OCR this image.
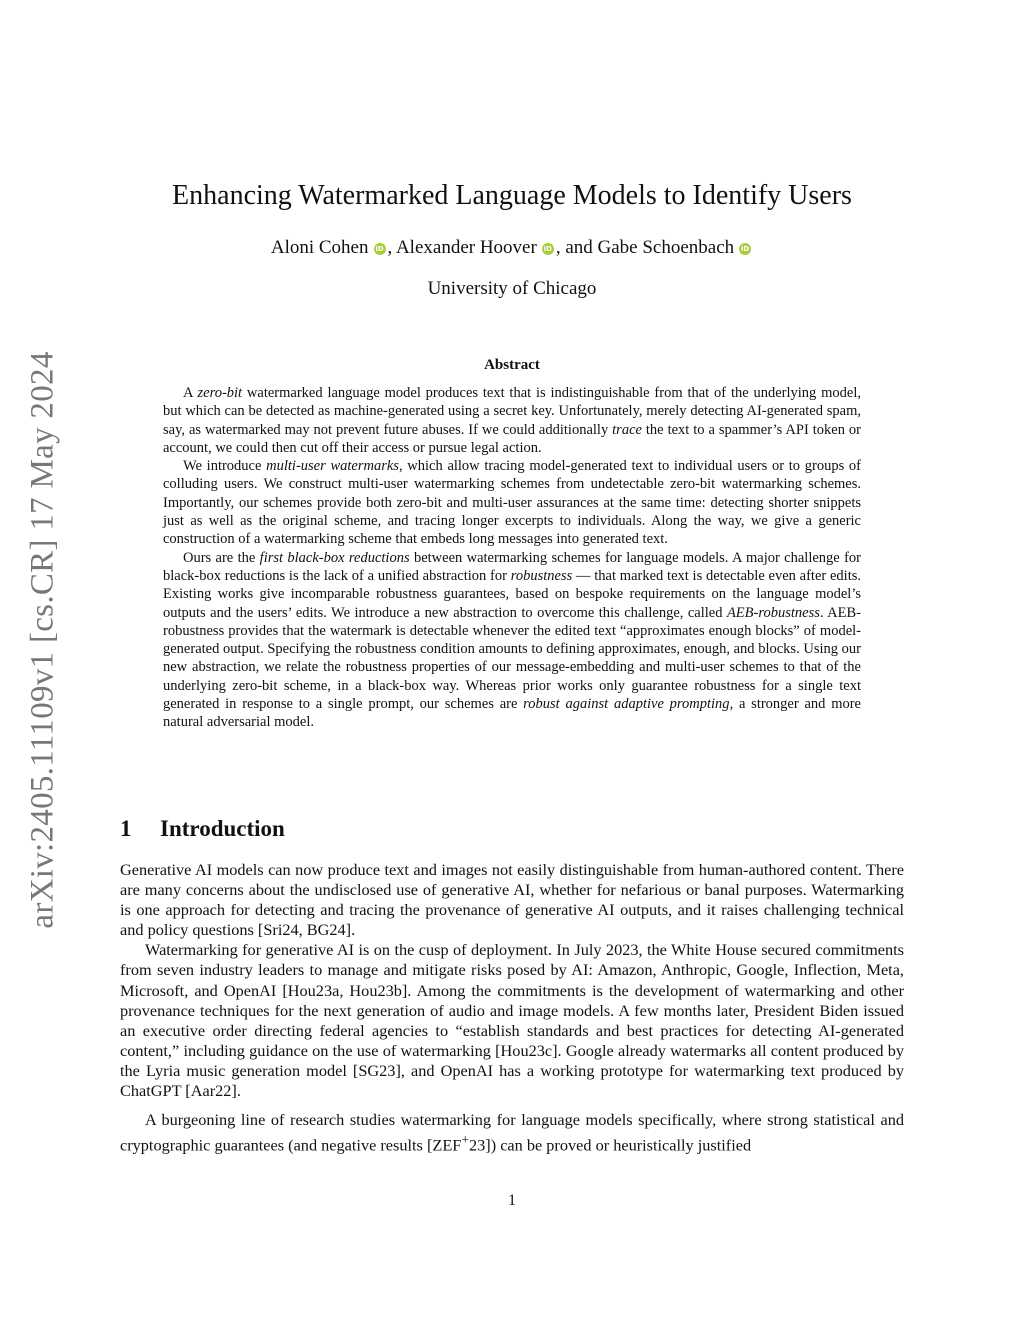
arXiv:2405.11109v1 [cs.CR] 17 May 2024
Enhancing Watermarked Language Models to Identify Users
Aloni Cohen iD , Alexander Hoover iD , and Gabe Schoenbach iD
University of Chicago
Abstract

A zero-bit watermarked language model produces text that is indistinguishable from that of the underlying model, but which can be detected as machine-generated using a secret key. Unfortunately, merely detecting AI-generated spam, say, as watermarked may not prevent future abuses. If we could additionally trace the text to a spammer’s API token or account, we could then cut off their access or pursue legal action.

We introduce multi-user watermarks, which allow tracing model-generated text to individual users or to groups of colluding users. We construct multi-user watermarking schemes from undetectable zero-bit watermarking schemes. Importantly, our schemes provide both zero-bit and multi-user assurances at the same time: detecting shorter snippets just as well as the original scheme, and tracing longer excerpts to individuals. Along the way, we give a generic construction of a watermarking scheme that embeds long messages into generated text.

Ours are the first black-box reductions between watermarking schemes for language models. A major challenge for black-box reductions is the lack of a unified abstraction for robustness — that marked text is detectable even after edits. Existing works give incomparable robustness guarantees, based on bespoke requirements on the language model’s outputs and the users’ edits. We introduce a new abstraction to overcome this challenge, called AEB-robustness. AEB-robustness provides that the watermark is detectable whenever the edited text “approximates enough blocks” of model-generated output. Specifying the robustness condition amounts to defining approximates, enough, and blocks. Using our new abstraction, we relate the robustness properties of our message-embedding and multi-user schemes to that of the underlying zero-bit scheme, in a black-box way. Whereas prior works only guarantee robustness for a single text generated in response to a single prompt, our schemes are robust against adaptive prompting, a stronger and more natural adversarial model.

1 Introduction

Generative AI models can now produce text and images not easily distinguishable from human-authored content. There are many concerns about the undisclosed use of generative AI, whether for nefarious or banal purposes. Watermarking is one approach for detecting and tracing the provenance of generative AI outputs, and it raises challenging technical and policy questions [Sri24, BG24].

Watermarking for generative AI is on the cusp of deployment. In July 2023, the White House secured commitments from seven industry leaders to manage and mitigate risks posed by AI: Amazon, Anthropic, Google, Inflection, Meta, Microsoft, and OpenAI [Hou23a, Hou23b]. Among the commitments is the development of watermarking and other provenance techniques for the next generation of audio and image models. A few months later, President Biden issued an executive order directing federal agencies to “establish standards and best practices for detecting AI-generated content,” including guidance on the use of watermarking [Hou23c]. Google already watermarks all content produced by the Lyria music generation model [SG23], and OpenAI has a working prototype for watermarking text produced by ChatGPT [Aar22].

A burgeoning line of research studies watermarking for language models specifically, where strong statistical and cryptographic guarantees (and negative results [ZEF+23]) can be proved or heuristically justified

1
